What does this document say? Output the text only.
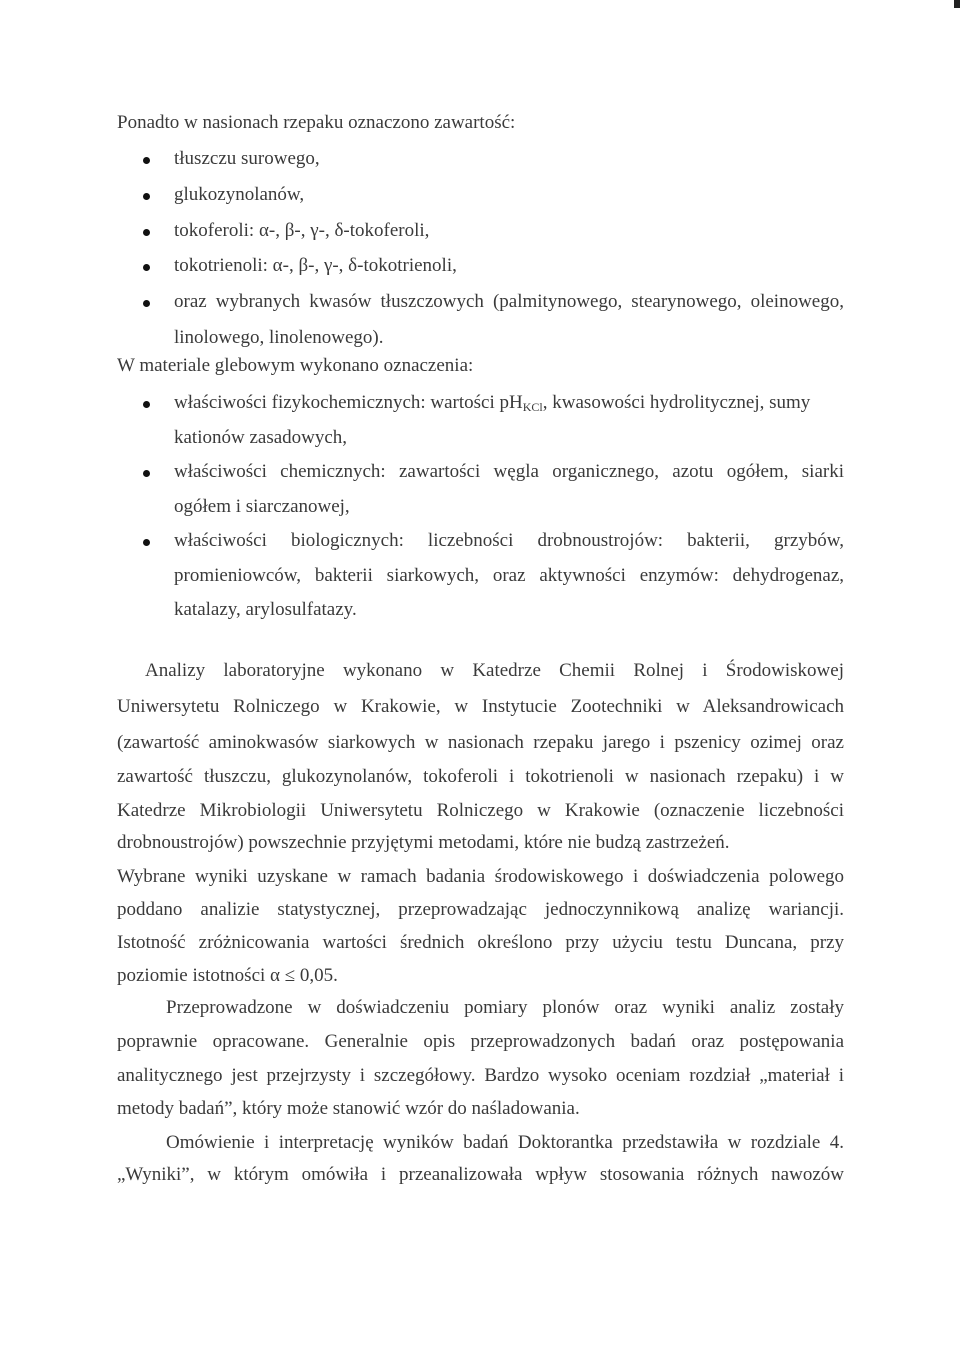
Ponadto w nasionach rzepaku oznaczono zawartość:
tłuszczu surowego,
glukozynolanów,
tokoferoli: α-, β-, γ-, δ-tokoferoli,
tokotrienoli: α-, β-, γ-, δ-tokotrienoli,
oraz wybranych kwasów tłuszczowych (palmitynowego, stearynowego, oleinowego,
linolowego, linolenowego).
W materiale glebowym wykonano oznaczenia:
właściwości fizykochemicznych: wartości $pH_{KCl}$, kwasowości hydrolitycznej, sumy
kationów zasadowych,
właściwości chemicznych: zawartości węgla organicznego, azotu ogółem, siarki
ogółem i siarczanowej,
właściwości biologicznych: liczebności drobnoustrojów: bakterii, grzybów,
promieniowców, bakterii siarkowych, oraz aktywności enzymów: dehydrogenaz,
katalazy, arylosulfatazy.
Analizy laboratoryjne wykonano w Katedrze Chemii Rolnej i Środowiskowej
Uniwersytetu Rolniczego w Krakowie, w Instytucie Zootechniki w Aleksandrowicach
(zawartość aminokwasów siarkowych w nasionach rzepaku jarego i pszenicy ozimej oraz
zawartość tłuszczu, glukozynolanów, tokoferoli i tokotrienoli w nasionach rzepaku) i w
Katedrze Mikrobiologii Uniwersytetu Rolniczego w Krakowie (oznaczenie liczebności
drobnoustrojów) powszechnie przyjętymi metodami, które nie budzą zastrzeżeń.
Wybrane wyniki uzyskane w ramach badania środowiskowego i doświadczenia polowego
poddano analizie statystycznej, przeprowadzając jednoczynnikową analizę wariancji.
Istotność zróżnicowania wartości średnich określono przy użyciu testu Duncana, przy
poziomie istotności α ≤ 0,05.
Przeprowadzone w doświadczeniu pomiary plonów oraz wyniki analiz zostały
poprawnie opracowane. Generalnie opis przeprowadzonych badań oraz postępowania
analitycznego jest przejrzysty i szczegółowy. Bardzo wysoko oceniam rozdział „materiał i
metody badań”, który może stanowić wzór do naśladowania.
Omówienie i interpretację wyników badań Doktorantka przedstawiła w rozdziale 4.
„Wyniki”, w którym omówiła i przeanalizowała wpływ stosowania różnych nawozów
